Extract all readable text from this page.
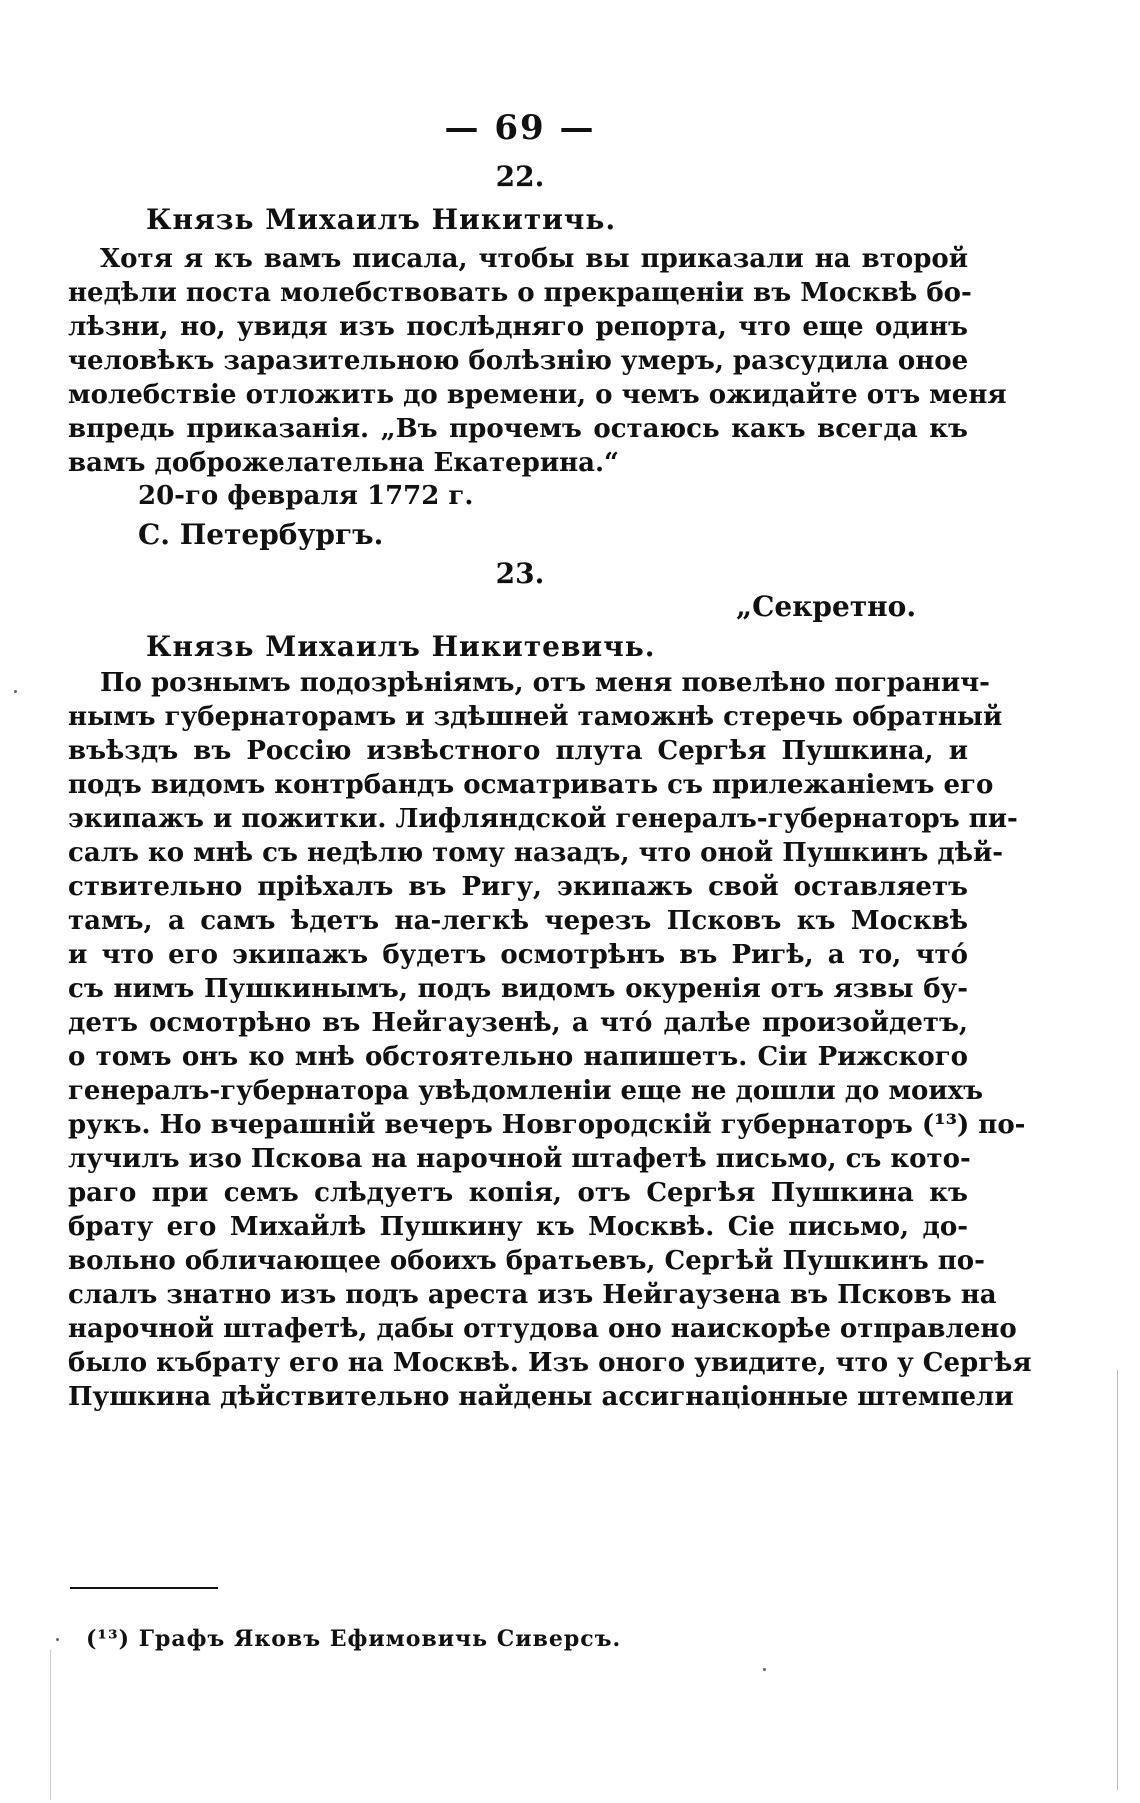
— 69 —
22.
Князь Михаилъ Никитичь.
Хотя я къ вамъ писала, чтобы вы приказали на второй
недѣли поста молебствовать о прекращенiи въ Москвѣ бо-
лѣзни, но, увидя изъ послѣдняго репорта, что еще одинъ
человѣкъ заразительною болѣзнiю умеръ, разсудила оное
молебствiе отложить до времени, о чемъ ожидайте отъ меня
впредь приказанiя. „Въ прочемъ остаюсь какъ всегда къ
вамъ доброжелательна Екатерина.“
20-го февраля 1772 г.
С. Петербургъ.
23.
„Секретно.
Князь Михаилъ Никитевичь.
По рознымъ подозрѣнiямъ, отъ меня повелѣно погранич-
нымъ губернаторамъ и здѣшней таможнѣ стеречь обратный
въѣздъ въ Россiю извѣстного плута Сергѣя Пушкина, и
подъ видомъ контрбандъ осматривать съ прилежанiемъ его
экипажъ и пожитки. Лифляндской генералъ-губернаторъ пи-
салъ ко мнѣ съ недѣлю тому назадъ, что оной Пушкинъ дѣй-
ствительно прiѣхалъ въ Ригу, экипажъ свой оставляетъ
тамъ, а самъ ѣдетъ на-легкѣ черезъ Псковъ къ Москвѣ
и что его экипажъ будетъ осмотрѣнъ въ Ригѣ, а то, чтó
съ нимъ Пушкинымъ, подъ видомъ окуренiя отъ язвы бу-
детъ осмотрѣно въ Нейгаузенѣ, а чтó далѣе произойдетъ,
о томъ онъ ко мнѣ обстоятельно напишетъ. Сiи Рижского
генералъ-губернатора увѣдомленiи еще не дошли до моихъ
рукъ. Но вчерашнiй вечеръ Новгородскiй губернаторъ (¹³) по-
лучилъ изо Пскова на нарочной штафетѣ письмо, съ кото-
раго при семъ слѣдуетъ копiя, отъ Сергѣя Пушкина къ
брату его Михайлѣ Пушкину къ Москвѣ. Сiе письмо, до-
вольно обличающее обоихъ братьевъ, Сергѣй Пушкинъ по-
слалъ знатно изъ подъ ареста изъ Нейгаузена въ Псковъ на
нарочной штафетѣ, дабы оттудова оно наискорѣе отправлено
было къбрату его на Москвѣ. Изъ оного увидите, что у Сергѣя
Пушкина дѣйствительно найдены ассигнацiонные штемпели
(¹³) Графъ Яковъ Ефимовичь Сиверсъ.
